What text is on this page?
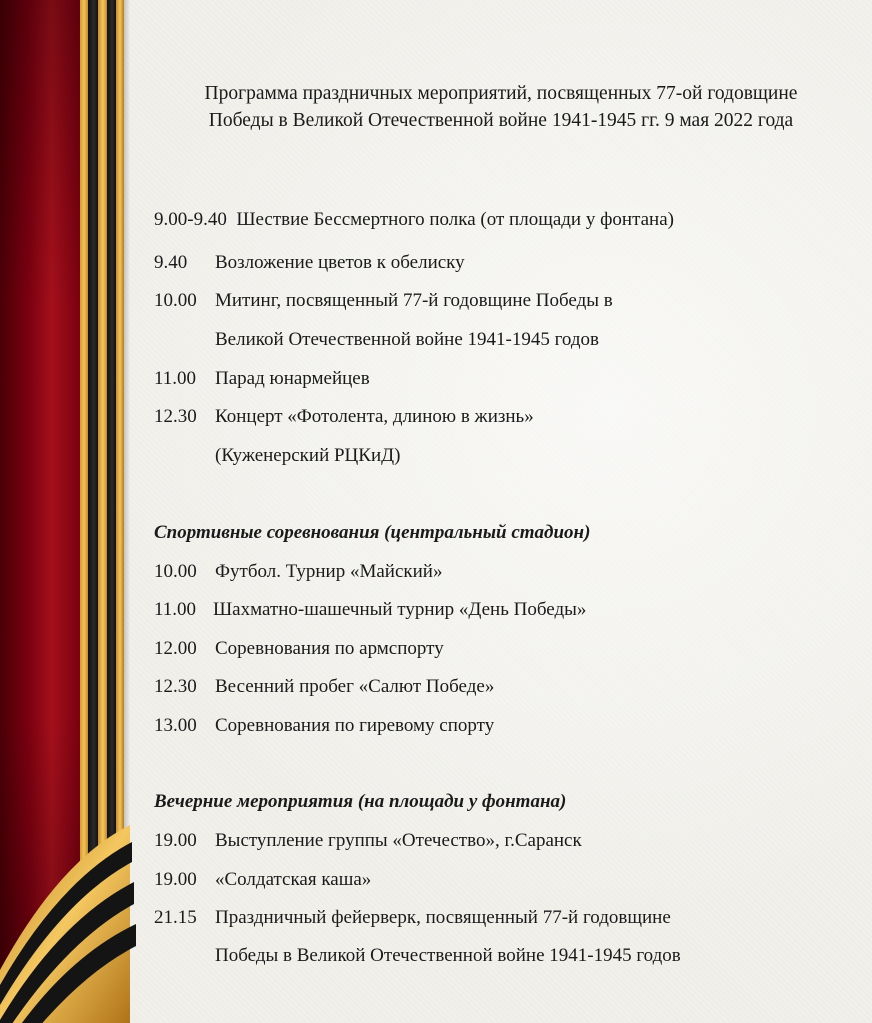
Программа праздничных мероприятий, посвященных 77-ой годовщине
Победы в Великой Отечественной войне 1941-1945 гг. 9 мая 2022 года
9.00-9.40 Шествие Бессмертного полка (от площади у фонтана)
9.40 Возложение цветов к обелиску
10.00 Митинг, посвященный 77-й годовщине Победы в
Великой Отечественной войне 1941-1945 годов
11.00 Парад юнармейцев
12.30 Концерт «Фотолента, длиною в жизнь»
(Куженерский РЦКиД)
Спортивные соревнования (центральный стадион)
10.00 Футбол. Турнир «Майский»
11.00 Шахматно-шашечный турнир «День Победы»
12.00 Соревнования по армспорту
12.30 Весенний пробег «Салют Победе»
13.00 Соревнования по гиревому спорту
Вечерние мероприятия (на площади у фонтана)
19.00 Выступление группы «Отечество», г.Саранск
19.00 «Солдатская каша»
21.15 Праздничный фейерверк, посвященный 77-й годовщине
Победы в Великой Отечественной войне 1941-1945 годов
